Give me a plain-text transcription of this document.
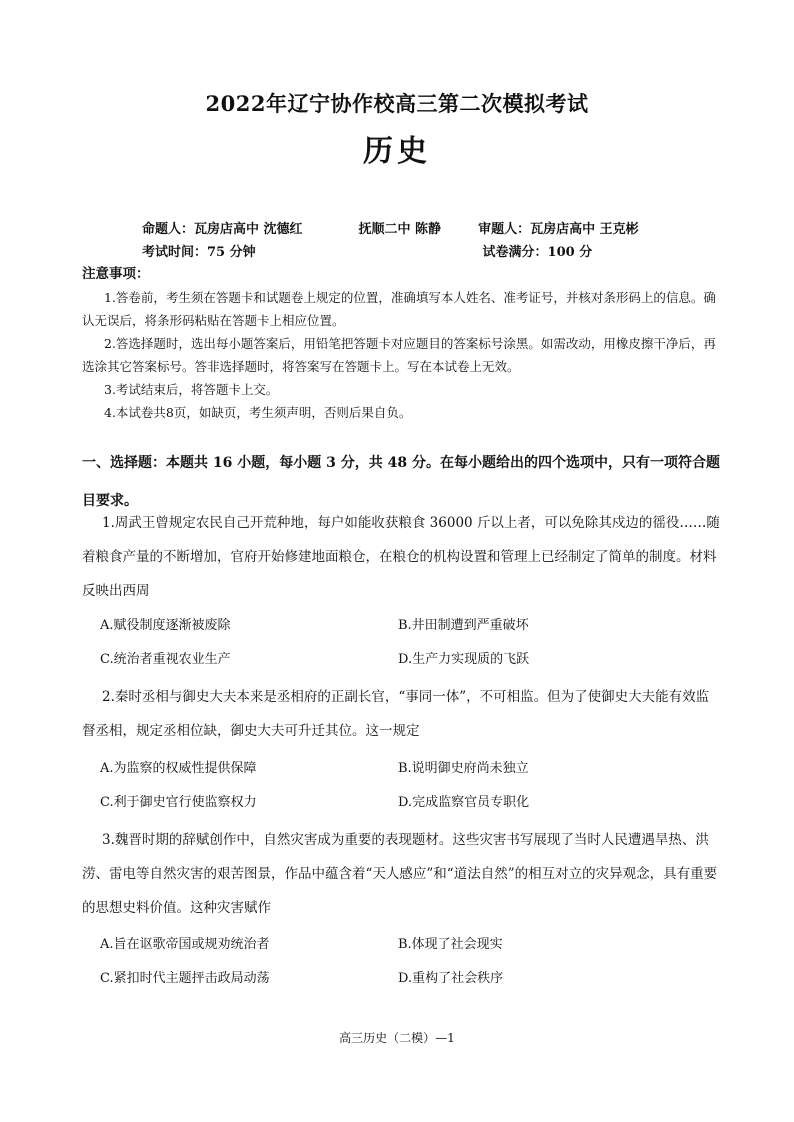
2022年辽宁协作校高三第二次模拟考试
历史
命题人：瓦房店高中 沈德红	抚顺二中 陈静	审题人：瓦房店高中 王克彬
考试时间：75 分钟	试卷满分：100 分
注意事项：

1.答卷前，考生须在答题卡和试题卷上规定的位置，准确填写本人姓名、准考证号，并核对条形码上的信息。确认无误后，将条形码粘贴在答题卡上相应位置。

2.答选择题时，选出每小题答案后，用铅笔把答题卡对应题目的答案标号涂黑。如需改动，用橡皮擦干净后，再选涂其它答案标号。答非选择题时，将答案写在答题卡上。写在本试卷上无效。

3.考试结束后，将答题卡上交。

4.本试卷共8页，如缺页，考生须声明，否则后果自负。

一、选择题：本题共 16 小题，每小题 3 分，共 48 分。在每小题给出的四个选项中，只有一项符合题目要求。

1.周武王曾规定农民自己开荒种地，每户如能收获粮食 36000 斤以上者，可以免除其戍边的徭役……随着粮食产量的不断增加，官府开始修建地面粮仓，在粮仓的机构设置和管理上已经制定了简单的制度。材料反映出西周

A.赋役制度逐渐被废除	B.井田制遭到严重破坏
C.统治者重视农业生产	D.生产力实现质的飞跃

2.秦时丞相与御史大夫本来是丞相府的正副长官，“事同一体”，不可相监。但为了使御史大夫能有效监督丞相，规定丞相位缺，御史大夫可升迁其位。这一规定

A.为监察的权威性提供保障	B.说明御史府尚未独立
C.利于御史官行使监察权力	D.完成监察官员专职化

3.魏晋时期的辞赋创作中，自然灾害成为重要的表现题材。这些灾害书写展现了当时人民遭遇旱热、洪涝、雷电等自然灾害的艰苦图景，作品中蕴含着“天人感应”和“道法自然”的相互对立的灾异观念，具有重要的思想史料价值。这种灾害赋作

A.旨在讴歌帝国或规劝统治者	B.体现了社会现实
C.紧扣时代主题抨击政局动荡	D.重构了社会秩序
高三历史（二模）—1
